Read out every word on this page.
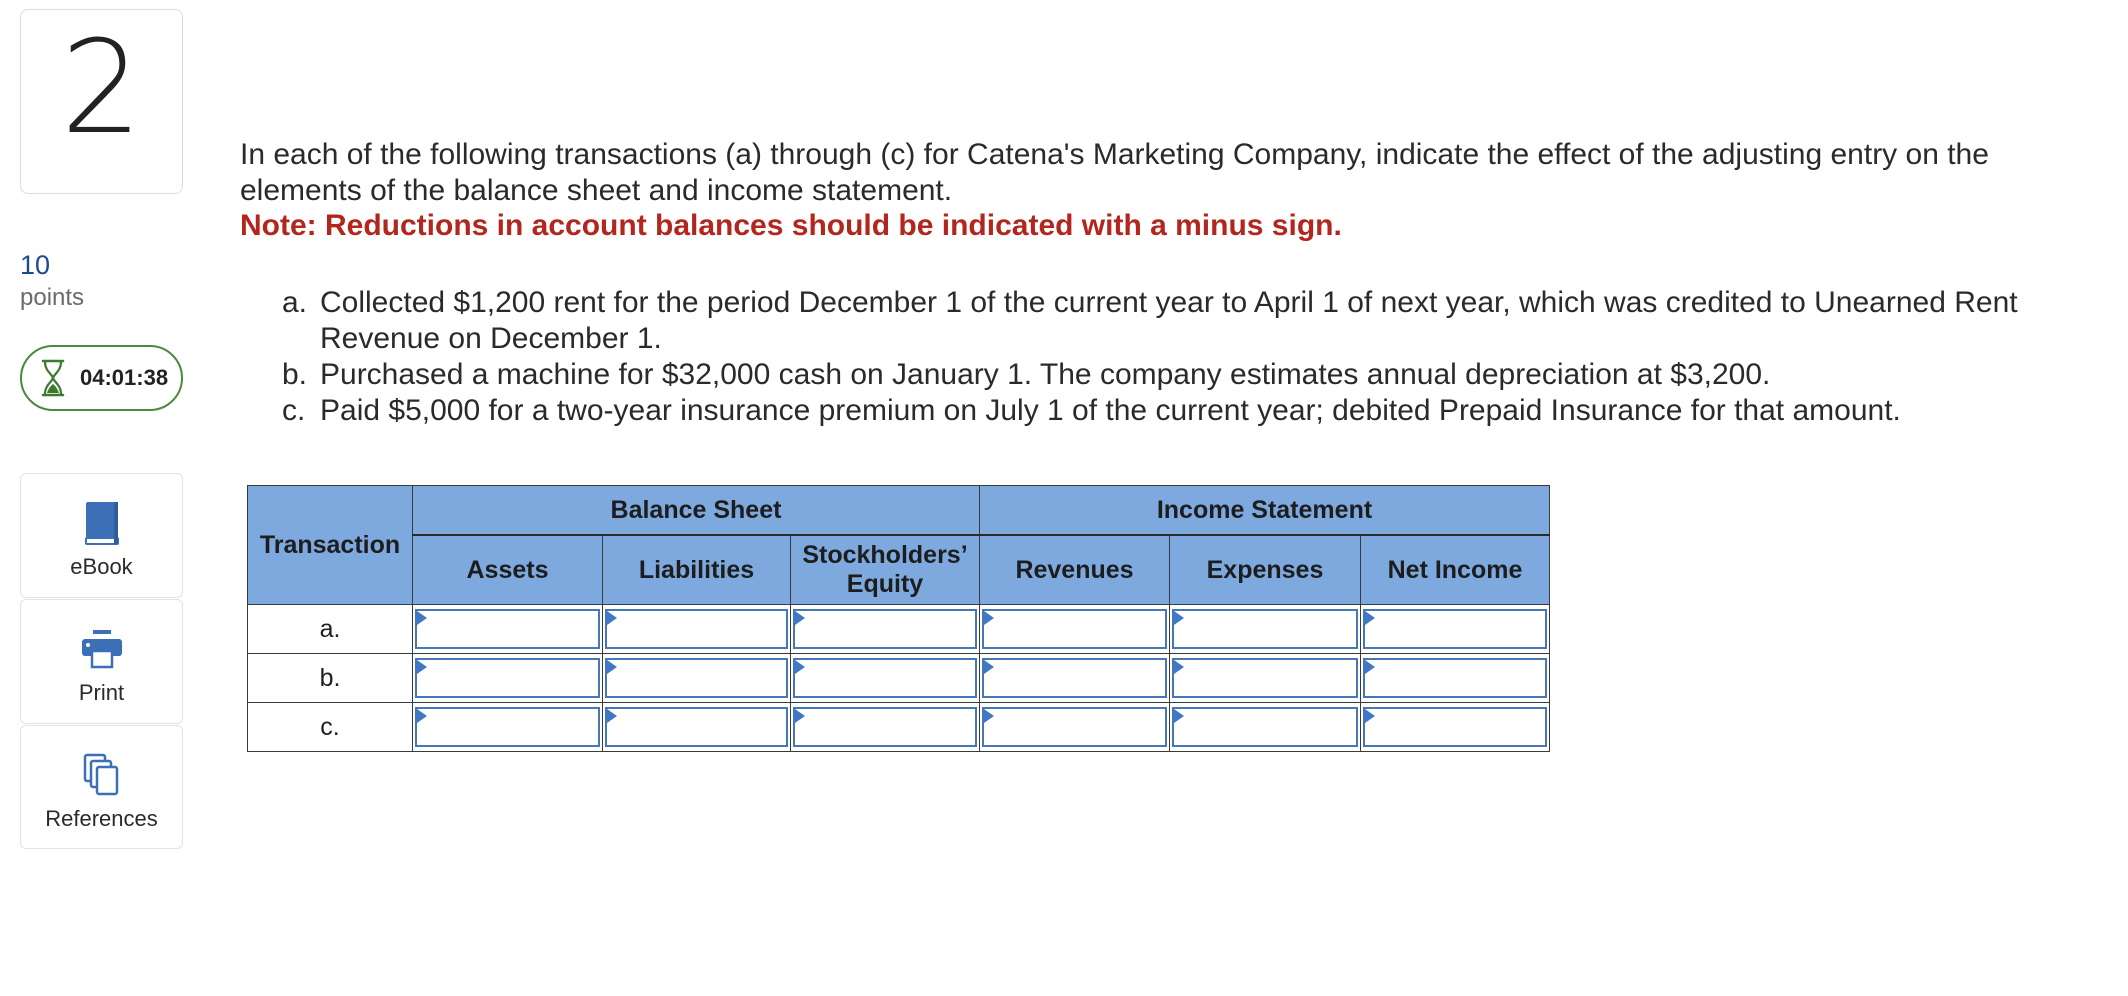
2
10
points
04:01:38
eBook
Print
References
In each of the following transactions (a) through (c) for Catena's Marketing Company, indicate the effect of the adjusting entry on the elements of the balance sheet and income statement.
Note: Reductions in account balances should be indicated with a minus sign.
a. Collected $1,200 rent for the period December 1 of the current year to April 1 of next year, which was credited to Unearned Rent Revenue on December 1.
b. Purchased a machine for $32,000 cash on January 1. The company estimates annual depreciation at $3,200.
c. Paid $5,000 for a two-year insurance premium on July 1 of the current year; debited Prepaid Insurance for that amount.
Transaction	Balance Sheet			Income Statement		
	Assets	Liabilities	Stockholders’ Equity	Revenues	Expenses	Net Income
a.	

b.	

c.	
